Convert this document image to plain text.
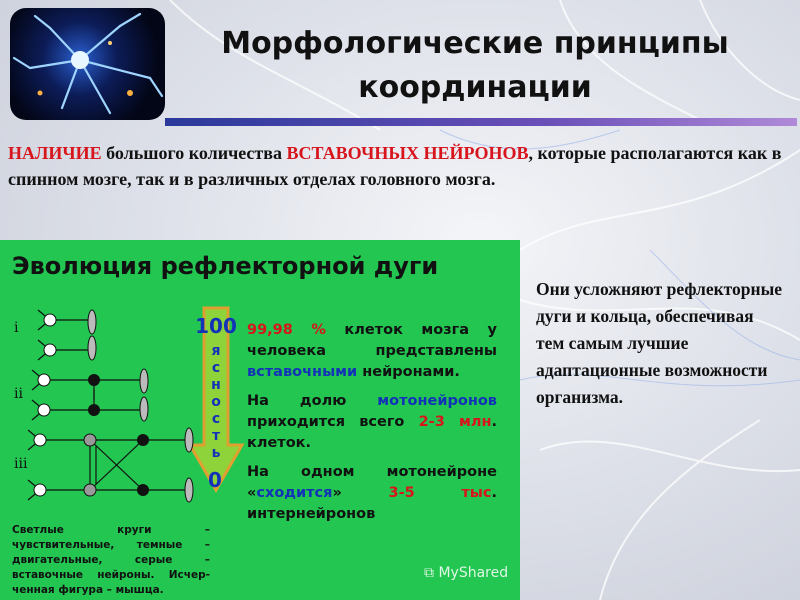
Морфологические принципы
координации
НАЛИЧИЕ большого количества ВСТАВОЧНЫХ НЕЙРОНОВ, которые располагаются как в спинном мозге, так и в различных отделах головного мозга.
Они усложняют рефлекторные дуги и кольца, обеспечивая тем самым лучшие адаптационные возможности организма.
Эволюция рефлекторной дуги
i
ii
iii
100
ясность
0

99,98 % клеток мозга у человека представлены вставочными нейронами.

На долю мотонейронов приходится всего 2-3 млн. клеток.

На одном мотонейроне «сходится» 3-5 тыс. интернейронов

Светлые круги – чувствительные, темные – двигательные, серые – вставочные нейроны. Исчер-ченная фигура – мышца.
⧉ MyShared
